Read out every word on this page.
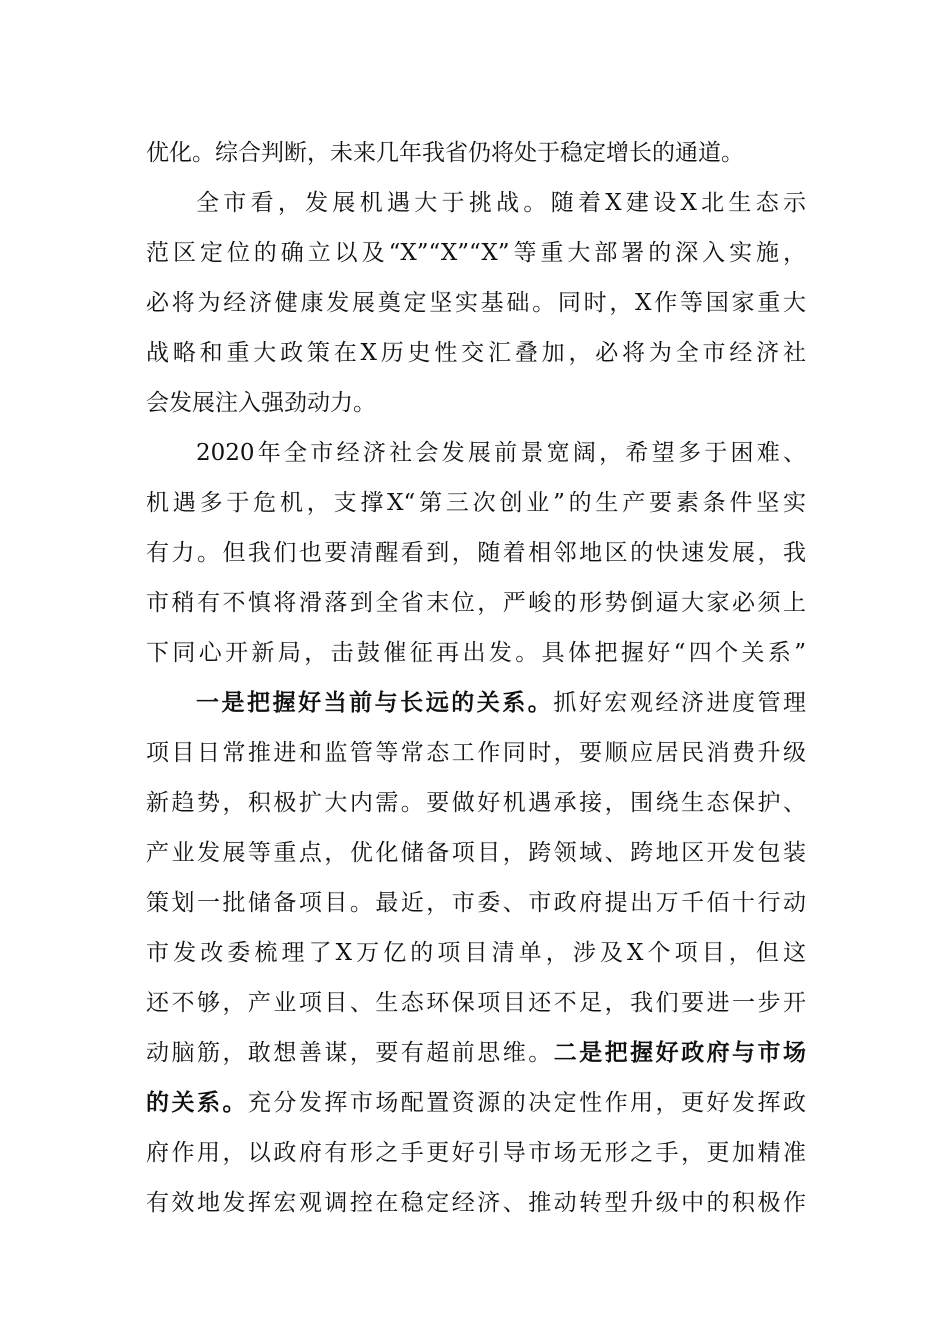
优化。综合判断，未来几年我省仍将处于稳定增长的通道。
全市看，发展机遇大于挑战。随着X建设X北生态示
范区定位的确立以及“X”“X”“X”等重大部署的深入实施，
必将为经济健康发展奠定坚实基础。同时，X作等国家重大
战略和重大政策在X历史性交汇叠加，必将为全市经济社
会发展注入强劲动力。
2020年全市经济社会发展前景宽阔，希望多于困难、
机遇多于危机，支撑X“第三次创业”的生产要素条件坚实
有力。但我们也要清醒看到，随着相邻地区的快速发展，我
市稍有不慎将滑落到全省末位，严峻的形势倒逼大家必须上
下同心开新局，击鼓催征再出发。具体把握好“四个关系”
一是把握好当前与长远的关系。抓好宏观经济进度管理
项目日常推进和监管等常态工作同时，要顺应居民消费升级
新趋势，积极扩大内需。要做好机遇承接，围绕生态保护、
产业发展等重点，优化储备项目，跨领域、跨地区开发包装
策划一批储备项目。最近，市委、市政府提出万千佰十行动
市发改委梳理了X万亿的项目清单，涉及X个项目，但这
还不够，产业项目、生态环保项目还不足，我们要进一步开
动脑筋，敢想善谋，要有超前思维。二是把握好政府与市场
的关系。充分发挥市场配置资源的决定性作用，更好发挥政
府作用，以政府有形之手更好引导市场无形之手，更加精准
有效地发挥宏观调控在稳定经济、推动转型升级中的积极作
